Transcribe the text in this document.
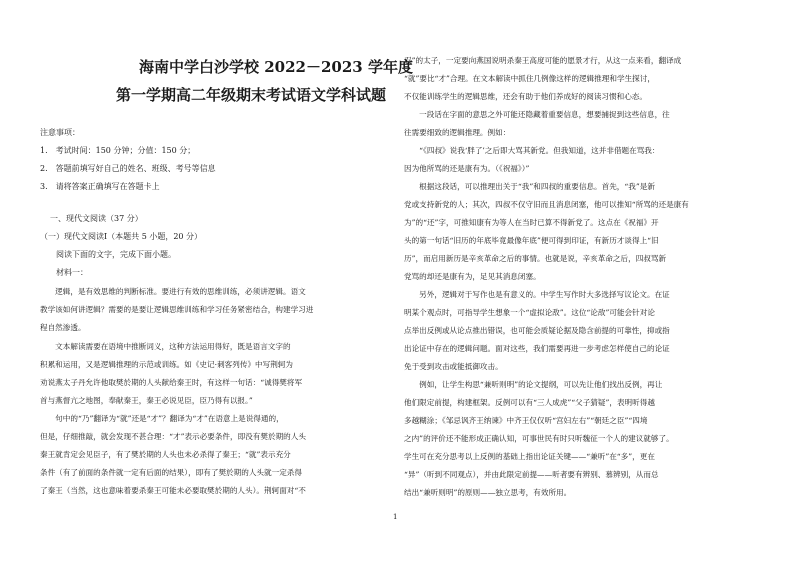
海南中学白沙学校 2022－2023 学年度
第一学期高二年级期末考试语文学科试题
注意事项：
1.　考试时间：150 分钟；分值：150 分；
2.　答题前填写好自己的姓名、班级、考号等信息
3.　请将答案正确填写在答题卡上
一、现代文阅读（37 分）
（一）现代文阅读Ⅰ（本题共 5 小题，20 分）
阅读下面的文字，完成下面小题。
材料一：
　　逻辑，是有效思维的判断标准。要进行有效的思维训练，必须讲逻辑。语文
教学该如何讲逻辑？需要的是要让逻辑思维训练和学习任务紧密结合，构建学习进
程自然渗透。
　　文本解读需要在语境中推断词义，这种方法运用得好，既是语言文字的
积累和运用，又是逻辑推理的示范或训练。如《史记·刺客列传》中写荆轲为
劝说燕太子丹允许他取樊於期的人头献给秦王时，有这样一句话：“诚得樊将军
首与燕督亢之地图，奉献秦王，秦王必说见臣，臣乃得有以报。”
　　句中的“乃”翻译为“就”还是“才”？翻译为“才”在语意上是说得通的，
但是，仔细推敲，就会发现不甚合理：“才”表示必要条件，即没有樊於期的人头
秦王就肯定会见臣子，有了樊於期的人头也未必杀得了秦王；“就”表示充分
条件（有了前面的条件就一定有后面的结果），即有了樊於期的人头就一定杀得
了秦王（当然，这也意味着要杀秦王可能未必要取樊於期的人头）。荆轲面对“不
忍”的太子，一定要向燕国说明杀秦王高度可能的愿景才行，从这一点来看，翻译成
“就”要比“才”合理。在文本解读中抓住几例像这样的逻辑推理和学生探讨，
不仅能训练学生的逻辑思维，还会有助于他们养成好的阅读习惯和心态。
　　一段话在字面的意思之外可能还隐藏着重要信息，想要捕捉到这些信息，往
往需要细致的逻辑推理。例如：
　　“《四叔》说我‘胖了’之后即大骂其新党。但我知道，这并非借题在骂我：
因为他所骂的还是康有为。（《祝福》）”
　　根据这段话，可以推理出关于“我”和四叔的重要信息。首先，“我”是新
党或支持新党的人；其次，四叔不仅守旧而且消息闭塞，他可以推知“所骂的还是康有
为”的“还”字，可推知康有为等人在当时已算不得新党了。这点在《祝福》开
头的第一句话“旧历的年底毕竟最像年底”便可得到印证，有新历才谈得上“旧
历”，而启用新历是辛亥革命之后的事情。也就是说，辛亥革命之后，四叔骂新
党骂的却还是康有为，足见其消息闭塞。
　　另外，逻辑对于写作也是有意义的。中学生写作时大多选择写议论文。在证
明某个观点时，可指导学生想象一个“虚拟论敌”。这位“论敌”可能会针对论
点举出反例或从论点推出错误，也可能会质疑论据及隐含前提的可靠性，抑或指
出论证中存在的逻辑问题。面对这些，我们需要再进一步考虑怎样使自己的论证
免于受到攻击或能抵御攻击。
　　例如，让学生构思“兼听则明”的论文提纲，可以先让他们找出反例，再让
他们限定前提，构建框架。反例可以有“三人成虎”“父子猜疑”，表明听得越
多越糊涂；《邹忌讽齐王纳谏》中齐王仅仅听“宫妇左右”“朝廷之臣”“四境
之内”的评价还不能形成正确认知，可事世民有时只听魏征一个人的建议就够了。
学生可在充分思考以上反例的基础上指出论证关键——“兼听”在“多”，更在
“异”（听到不同观点），并由此限定前提——听者要有辨别、慕辨别，从而总
结出“兼听则明”的原则——独立思考，有效所用。
1
